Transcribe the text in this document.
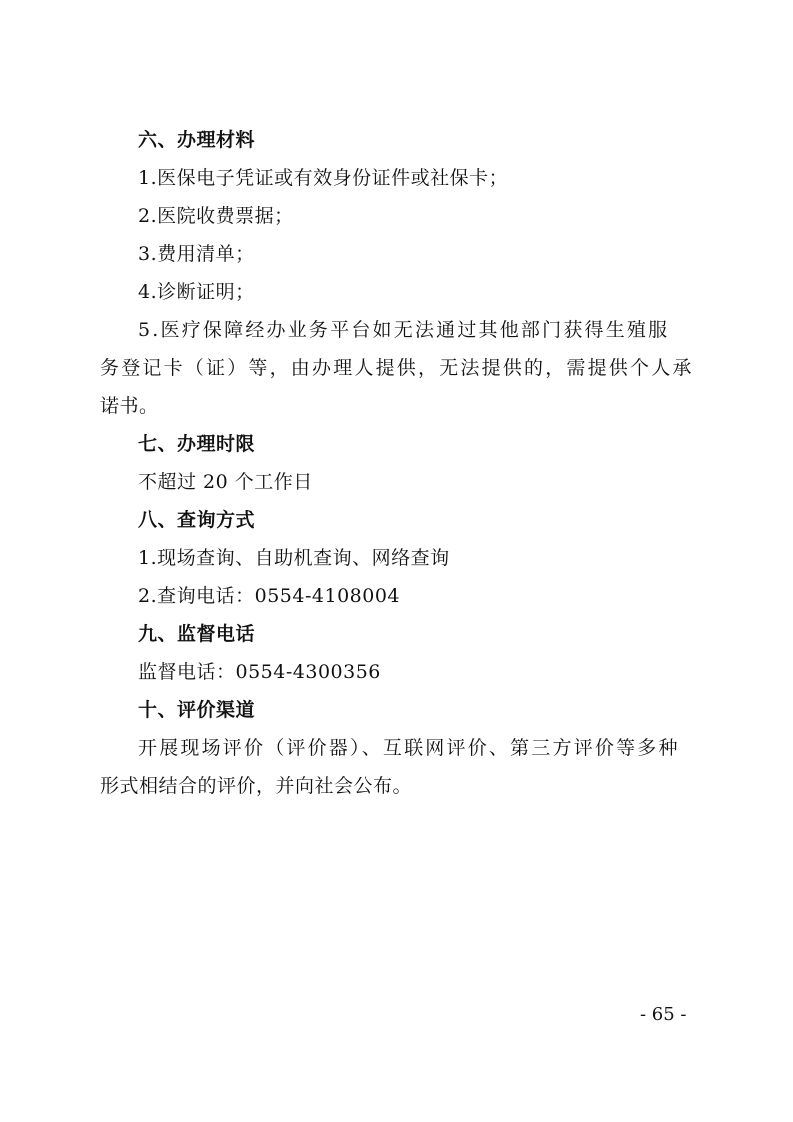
六、办理材料
1.医保电子凭证或有效身份证件或社保卡；
2.医院收费票据；
3.费用清单；
4.诊断证明；
5.医疗保障经办业务平台如无法通过其他部门获得生殖服
务登记卡（证）等，由办理人提供，无法提供的，需提供个人承
诺书。
七、办理时限
不超过 20 个工作日
八、查询方式
1.现场查询、自助机查询、网络查询
2.查询电话：0554-4108004
九、监督电话
监督电话：0554-4300356
十、评价渠道
开展现场评价（评价器）、互联网评价、第三方评价等多种
形式相结合的评价，并向社会公布。
- 65 -
